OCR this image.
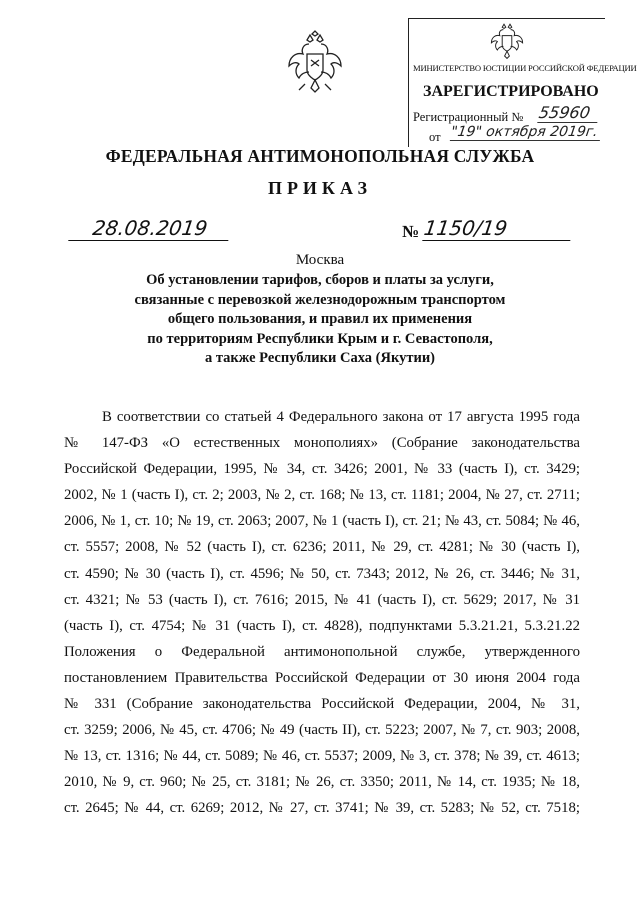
МИНИСТЕРСТВО ЮСТИЦИИ РОССИЙСКОЙ ФЕДЕРАЦИИ
ЗАРЕГИСТРИРОВАНО
Регистрационный № 55960
от "19" октября 2019г.
ФЕДЕРАЛЬНАЯ АНТИМОНОПОЛЬНАЯ СЛУЖБА
ПРИКАЗ
28.08.2019	№ 1150/19
Москва
Об установлении тарифов, сборов и платы за услуги,
связанные с перевозкой железнодорожным транспортом
общего пользования, и правил их применения
по территориям Республики Крым и г. Севастополя,
а также Республики Саха (Якутии)
В соответствии со статьей 4 Федерального закона от 17 августа 1995 года
№ 147-ФЗ «О естественных монополиях» (Собрание законодательства
Российской Федерации, 1995, № 34, ст. 3426; 2001, № 33 (часть I), ст. 3429;
2002, № 1 (часть I), ст. 2; 2003, № 2, ст. 168; № 13, ст. 1181; 2004, № 27, ст. 2711;
2006, № 1, ст. 10; № 19, ст. 2063; 2007, № 1 (часть I), ст. 21; № 43, ст. 5084; № 46,
ст. 5557; 2008, № 52 (часть I), ст. 6236; 2011, № 29, ст. 4281; № 30 (часть I),
ст. 4590; № 30 (часть I), ст. 4596; № 50, ст. 7343; 2012, № 26, ст. 3446; № 31,
ст. 4321; № 53 (часть I), ст. 7616; 2015, № 41 (часть I), ст. 5629; 2017, № 31
(часть I), ст. 4754; № 31 (часть I), ст. 4828), подпунктами 5.3.21.21, 5.3.21.22
Положения о Федеральной антимонопольной службе, утвержденного
постановлением Правительства Российской Федерации от 30 июня 2004 года
№ 331 (Собрание законодательства Российской Федерации, 2004, № 31,
ст. 3259; 2006, № 45, ст. 4706; № 49 (часть II), ст. 5223; 2007, № 7, ст. 903; 2008,
№ 13, ст. 1316; № 44, ст. 5089; № 46, ст. 5537; 2009, № 3, ст. 378; № 39, ст. 4613;
2010, № 9, ст. 960; № 25, ст. 3181; № 26, ст. 3350; 2011, № 14, ст. 1935; № 18,
ст. 2645; № 44, ст. 6269; 2012, № 27, ст. 3741; № 39, ст. 5283; № 52, ст. 7518;
